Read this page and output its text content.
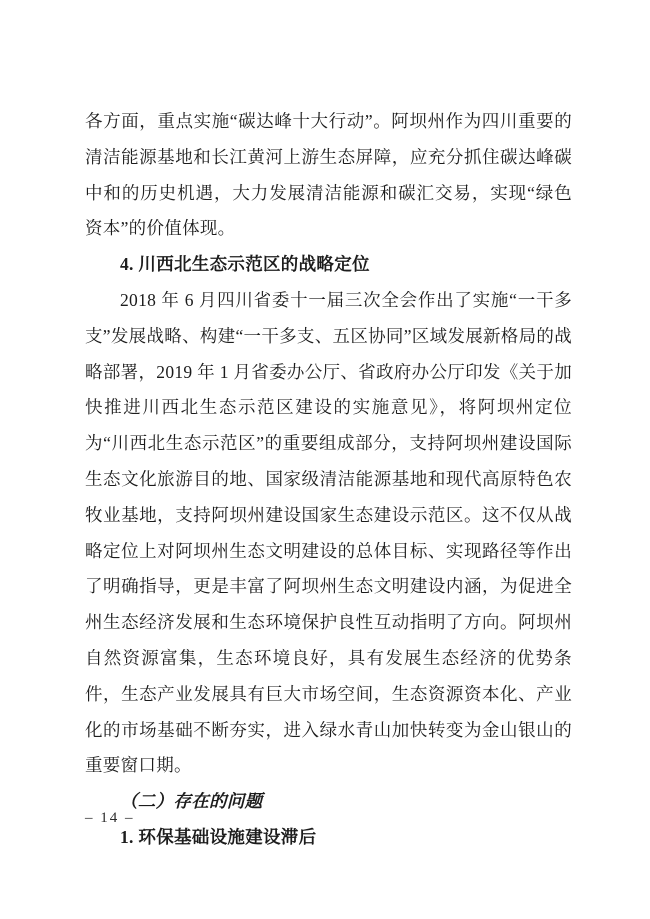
各方面，重点实施“碳达峰十大行动”。阿坝州作为四川重要的清洁能源基地和长江黄河上游生态屏障，应充分抓住碳达峰碳中和的历史机遇，大力发展清洁能源和碳汇交易，实现“绿色资本”的价值体现。

4. 川西北生态示范区的战略定位

2018 年 6 月四川省委十一届三次全会作出了实施“一干多支”发展战略、构建“一干多支、五区协同”区域发展新格局的战略部署，2019 年 1 月省委办公厅、省政府办公厅印发《关于加快推进川西北生态示范区建设的实施意见》，将阿坝州定位为“川西北生态示范区”的重要组成部分，支持阿坝州建设国际生态文化旅游目的地、国家级清洁能源基地和现代高原特色农牧业基地，支持阿坝州建设国家生态建设示范区。这不仅从战略定位上对阿坝州生态文明建设的总体目标、实现路径等作出了明确指导，更是丰富了阿坝州生态文明建设内涵，为促进全州生态经济发展和生态环境保护良性互动指明了方向。阿坝州自然资源富集，生态环境良好，具有发展生态经济的优势条件，生态产业发展具有巨大市场空间，生态资源资本化、产业化的市场基础不断夯实，进入绿水青山加快转变为金山银山的重要窗口期。

（二）存在的问题

1. 环保基础设施建设滞后

– 14 –
